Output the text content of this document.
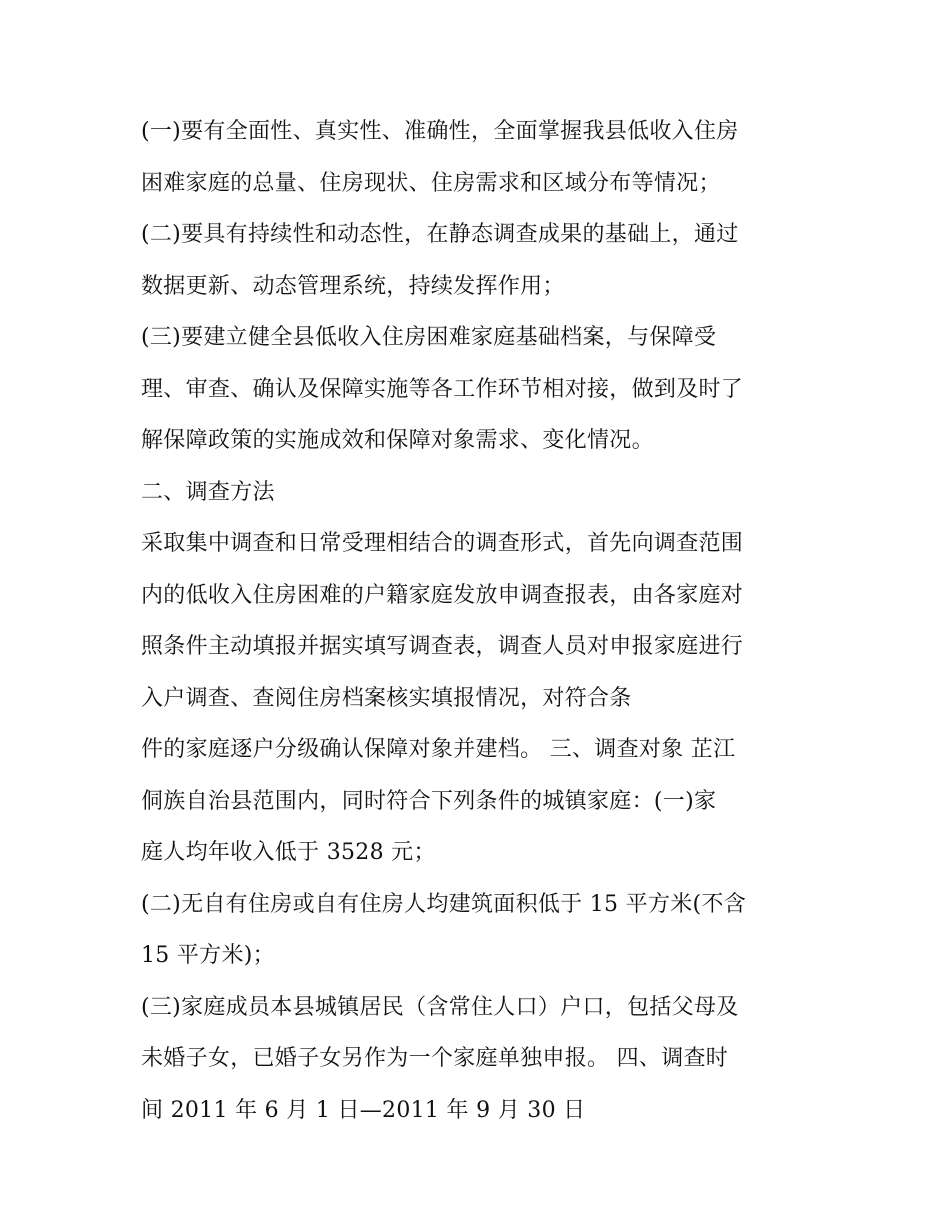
(一)要有全面性、真实性、准确性，全面掌握我县低收入住房
困难家庭的总量、住房现状、住房需求和区域分布等情况；
(二)要具有持续性和动态性，在静态调查成果的基础上，通过
数据更新、动态管理系统，持续发挥作用；
(三)要建立健全县低收入住房困难家庭基础档案，与保障受
理、审查、确认及保障实施等各工作环节相对接，做到及时了
解保障政策的实施成效和保障对象需求、变化情况。
二、调查方法
采取集中调查和日常受理相结合的调查形式，首先向调查范围
内的低收入住房困难的户籍家庭发放申调查报表，由各家庭对
照条件主动填报并据实填写调查表，调查人员对申报家庭进行
入户调查、查阅住房档案核实填报情况，对符合条
件的家庭逐户分级确认保障对象并建档。 三、调查对象 芷江
侗族自治县范围内，同时符合下列条件的城镇家庭：(一)家
庭人均年收入低于 3528 元；
(二)无自有住房或自有住房人均建筑面积低于 15 平方米(不含
15 平方米)；
(三)家庭成员本县城镇居民（含常住人口）户口，包括父母及
未婚子女，已婚子女另作为一个家庭单独申报。 四、调查时
间 2011 年 6 月 1 日—2011 年 9 月 30 日
